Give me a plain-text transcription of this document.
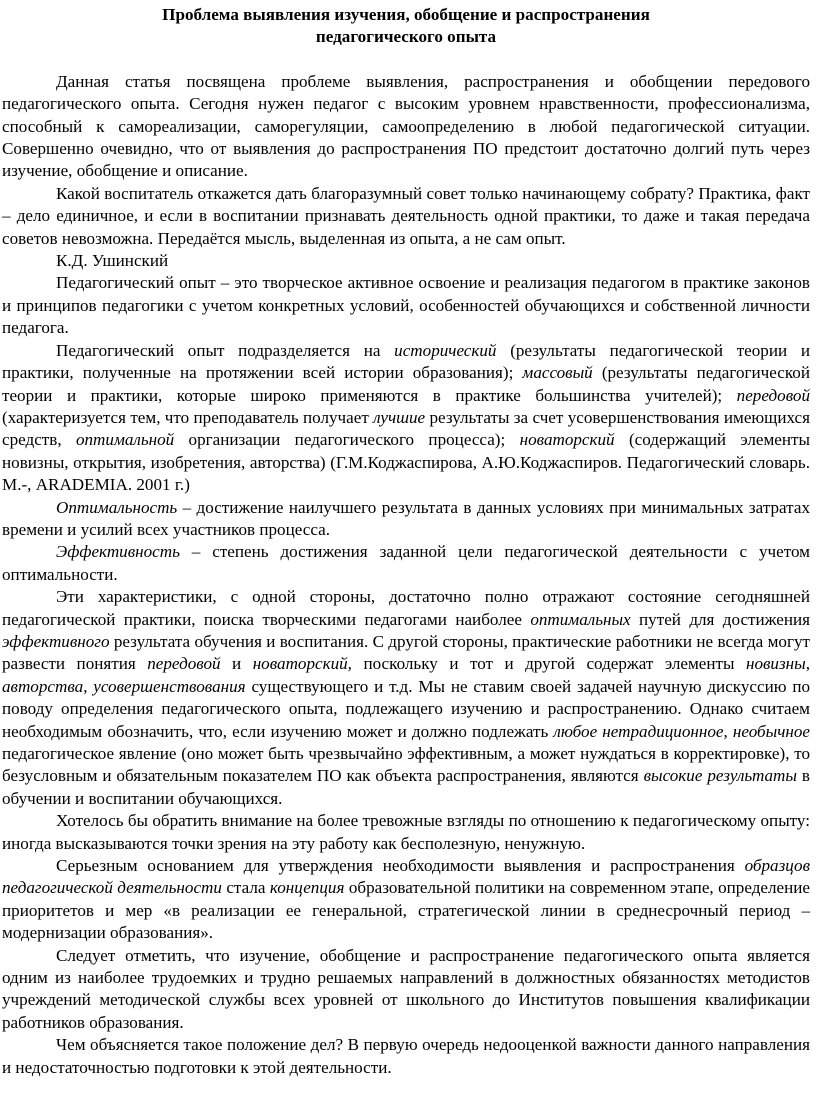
Проблема выявления изучения, обобщение и распространения
педагогического опыта

Данная статья посвящена проблеме выявления, распространения и обобщении передового педагогического опыта. Сегодня нужен педагог с высоким уровнем нравственности, профессионализма, способный к самореализации, саморегуляции, самоопределению в любой педагогической ситуации. Совершенно очевидно, что от выявления до распространения ПО предстоит достаточно долгий путь через изучение, обобщение и описание.

Какой воспитатель откажется дать благоразумный совет только начинающему собрату? Практика, факт – дело единичное, и если в воспитании признавать деятельность одной практики, то даже и такая передача советов невозможна. Передаётся мысль, выделенная из опыта, а не сам опыт.

К.Д. Ушинский

Педагогический опыт – это творческое активное освоение и реализация педагогом в практике законов и принципов педагогики с учетом конкретных условий, особенностей обучающихся и собственной личности педагога.

Педагогический опыт подразделяется на исторический (результаты педагогической теории и практики, полученные на протяжении всей истории образования); массовый (результаты педагогической теории и практики, которые широко применяются в практике большинства учителей); передовой (характеризуется тем, что преподаватель получает лучшие результаты за счет усовершенствования имеющихся средств, оптимальной организации педагогического процесса); новаторский (содержащий элементы новизны, открытия, изобретения, авторства) (Г.М.Коджаспирова, А.Ю.Коджаспиров. Педагогический словарь. М.-, ARADEMIA. 2001 г.)

Оптимальность – достижение наилучшего результата в данных условиях при минимальных затратах времени и усилий всех участников процесса.

Эффективность – степень достижения заданной цели педагогической деятельности с учетом оптимальности.

Эти характеристики, с одной стороны, достаточно полно отражают состояние сегодняшней педагогической практики, поиска творческими педагогами наиболее оптимальных путей для достижения эффективного результата обучения и воспитания. С другой стороны, практические работники не всегда могут развести понятия передовой и новаторский, поскольку и тот и другой содержат элементы новизны, авторства, усовершенствования существующего и т.д. Мы не ставим своей задачей научную дискуссию по поводу определения педагогического опыта, подлежащего изучению и распространению. Однако считаем необходимым обозначить, что, если изучению может и должно подлежать любое нетрадиционное, необычное педагогическое явление (оно может быть чрезвычайно эффективным, а может нуждаться в корректировке), то безусловным и обязательным показателем ПО как объекта распространения, являются высокие результаты в обучении и воспитании обучающихся.

Хотелось бы обратить внимание на более тревожные взгляды по отношению к педагогическому опыту: иногда высказываются точки зрения на эту работу как бесполезную, ненужную.

Серьезным основанием для утверждения необходимости выявления и распространения образцов педагогической деятельности стала концепция образовательной политики на современном этапе, определение приоритетов и мер «в реализации ее генеральной, стратегической линии в среднесрочный период – модернизации образования».

Следует отметить, что изучение, обобщение и распространение педагогического опыта является одним из наиболее трудоемких и трудно решаемых направлений в должностных обязанностях методистов учреждений методической службы всех уровней от школьного до Институтов повышения квалификации работников образования.

Чем объясняется такое положение дел? В первую очередь недооценкой важности данного направления и недостаточностью подготовки к этой деятельности.
